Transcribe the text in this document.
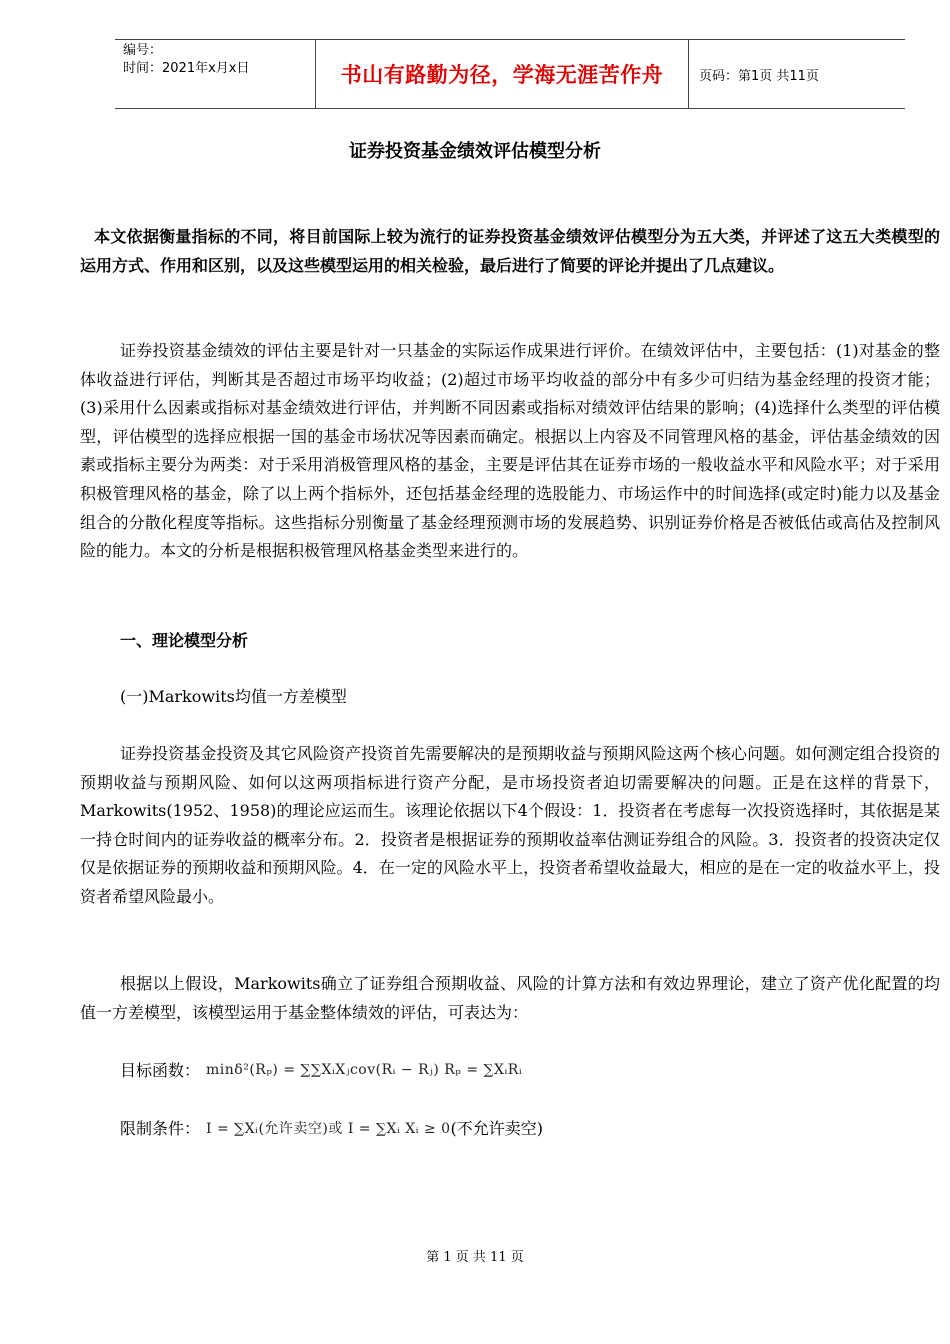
编号：
时间：2021年x月x日	书山有路勤为径，学海无涯苦作舟	页码：第1页 共11页
证券投资基金绩效评估模型分析

本文依据衡量指标的不同，将目前国际上较为流行的证券投资基金绩效评估模型分为五大类，并评述了这五大类模型的运用方式、作用和区别，以及这些模型运用的相关检验，最后进行了简要的评论并提出了几点建议。

证券投资基金绩效的评估主要是针对一只基金的实际运作成果进行评价。在绩效评估中，主要包括：(1)对基金的整体收益进行评估，判断其是否超过市场平均收益；(2)超过市场平均收益的部分中有多少可归结为基金经理的投资才能；(3)采用什么因素或指标对基金绩效进行评估，并判断不同因素或指标对绩效评估结果的影响；(4)选择什么类型的评估模型，评估模型的选择应根据一国的基金市场状况等因素而确定。根据以上内容及不同管理风格的基金，评估基金绩效的因素或指标主要分为两类：对于采用消极管理风格的基金，主要是评估其在证券市场的一般收益水平和风险水平；对于采用积极管理风格的基金，除了以上两个指标外，还包括基金经理的选股能力、市场运作中的时间选择(或定时)能力以及基金组合的分散化程度等指标。这些指标分别衡量了基金经理预测市场的发展趋势、识别证券价格是否被低估或高估及控制风险的能力。本文的分析是根据积极管理风格基金类型来进行的。

一、理论模型分析
(一)Markowits均值一方差模型

证券投资基金投资及其它风险资产投资首先需要解决的是预期收益与预期风险这两个核心问题。如何测定组合投资的预期收益与预期风险、如何以这两项指标进行资产分配，是市场投资者迫切需要解决的问题。正是在这样的背景下，Markowits(1952、1958)的理论应运而生。该理论依据以下4个假设：1．投资者在考虑每一次投资选择时，其依据是某一持仓时间内的证券收益的概率分布。2．投资者是根据证券的预期收益率估测证券组合的风险。3．投资者的投资决定仅仅是依据证券的预期收益和预期风险。4．在一定的风险水平上，投资者希望收益最大，相应的是在一定的收益水平上，投资者希望风险最小。

根据以上假设，Markowits确立了证券组合预期收益、风险的计算方法和有效边界理论，建立了资产优化配置的均值一方差模型，该模型运用于基金整体绩效的评估，可表达为：

目标函数： minδ²(Rₚ) = ∑∑XᵢXⱼcov(Rᵢ − Rⱼ) Rₚ = ∑XᵢRᵢ
限制条件： I = ∑Xᵢ(允许卖空)或 I = ∑Xᵢ Xᵢ ≥ 0 (不允许卖空)
第 1 页 共 11 页
